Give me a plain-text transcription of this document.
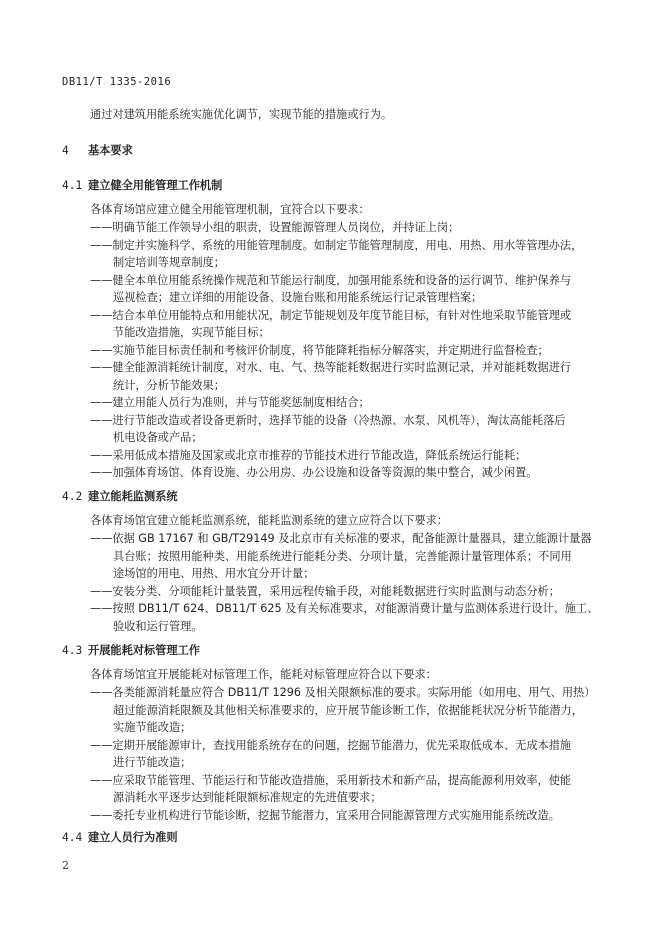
DB11/T 1335-2016
通过对建筑用能系统实施优化调节，实现节能的措施或行为。
4 基本要求
4.1 建立健全用能管理工作机制
各体育场馆应建立健全用能管理机制，宜符合以下要求：
——明确节能工作领导小组的职责，设置能源管理人员岗位，并持证上岗；
——制定并实施科学、系统的用能管理制度。如制定节能管理制度，用电、用热、用水等管理办法，
制定培训等规章制度；
——健全本单位用能系统操作规范和节能运行制度，加强用能系统和设备的运行调节、维护保养与
巡视检查；建立详细的用能设备、设施台账和用能系统运行记录管理档案；
——结合本单位用能特点和用能状况，制定节能规划及年度节能目标，有针对性地采取节能管理或
节能改造措施，实现节能目标；
——实施节能目标责任制和考核评价制度，将节能降耗指标分解落实，并定期进行监督检查；
——健全能源消耗统计制度，对水、电、气、热等能耗数据进行实时监测记录，并对能耗数据进行
统计，分析节能效果；
——建立用能人员行为准则，并与节能奖惩制度相结合；
——进行节能改造或者设备更新时，选择节能的设备（冷热源、水泵、风机等），淘汰高能耗落后
机电设备或产品；
——采用低成本措施及国家或北京市推荐的节能技术进行节能改造，降低系统运行能耗；
——加强体育场馆、体育设施、办公用房、办公设施和设备等资源的集中整合，减少闲置。
4.2 建立能耗监测系统
各体育场馆宜建立能耗监测系统，能耗监测系统的建立应符合以下要求：
——依据 GB 17167 和 GB/T29149 及北京市有关标准的要求，配备能源计量器具，建立能源计量器
具台账；按照用能种类、用能系统进行能耗分类、分项计量，完善能源计量管理体系；不同用
途场馆的用电、用热、用水宜分开计量；
——安装分类、分项能耗计量装置，采用远程传输手段，对能耗数据进行实时监测与动态分析；
——按照 DB11/T 624、DB11/T 625 及有关标准要求，对能源消费计量与监测体系进行设计、施工、
验收和运行管理。
4.3 开展能耗对标管理工作
各体育场馆宜开展能耗对标管理工作，能耗对标管理应符合以下要求：
——各类能源消耗量应符合 DB11/T 1296 及相关限额标准的要求。实际用能（如用电、用气、用热）
超过能源消耗限额及其他相关标准要求的，应开展节能诊断工作，依据能耗状况分析节能潜力，
实施节能改造；
——定期开展能源审计，查找用能系统存在的问题，挖掘节能潜力，优先采取低成本、无成本措施
进行节能改造；
——应采取节能管理、节能运行和节能改造措施，采用新技术和新产品，提高能源利用效率，使能
源消耗水平逐步达到能耗限额标准规定的先进值要求；
——委托专业机构进行节能诊断，挖掘节能潜力，宜采用合同能源管理方式实施用能系统改造。
4.4 建立人员行为准则
2
